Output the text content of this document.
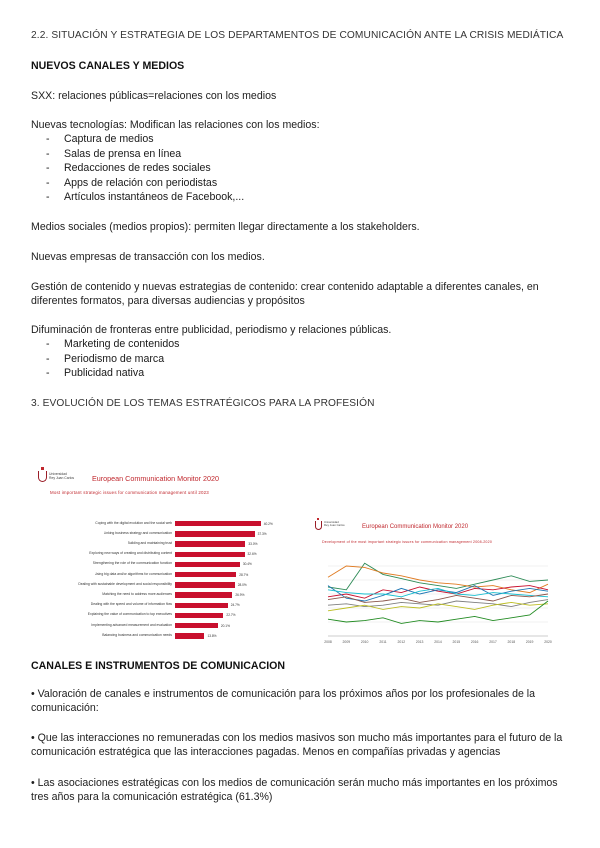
2.2. SITUACIÓN Y ESTRATEGIA DE LOS DEPARTAMENTOS DE COMUNICACIÓN ANTE LA CRISIS MEDIÁTICA
NUEVOS CANALES Y MEDIOS
SXX: relaciones públicas=relaciones con los medios
Nuevas tecnologías: Modifican las relaciones con los medios:
- Captura de medios
- Salas de prensa en línea
- Redacciones de redes sociales
- Apps de relación con periodistas
- Artículos instantáneos de Facebook,...
Medios sociales (medios propios): permiten llegar directamente a los stakeholders.
Nuevas empresas de transacción con los medios.
Gestión de contenido y nuevas estrategias de contenido: crear contenido adaptable a diferentes canales, en diferentes formatos, para diversas audiencias y propósitos
Difuminación de fronteras entre publicidad, periodismo y relaciones públicas.
- Marketing de contenidos
- Periodismo de marca
- Publicidad nativa
3. EVOLUCIÓN DE LOS TEMAS ESTRATÉGICOS PARA LA PROFESIÓN
Universidad
Rey Juan Carlos European Communication Monitor 2020
Most important strategic issues for communication management until 2023
Coping with the digital evolution and the social web	40.2%
Linking business strategy and communication	37.3%
Building and maintaining trust	33.0%
Exploring new ways of creating and distributing content	32.6%
Strengthening the role of the communication function	30.4%
Using big data and/or algorithms for communication	28.7%
Dealing with sustainable development and social responsibility	28.0%
Matching the need to address more audiences	26.9%
Dealing with the speed and volume of information flow	24.7%
Explaining the value of communication to top executives	22.7%
Implementing advanced measurement and evaluation	20.1%
Balancing business and communication needs	13.8%
Universidad
Rey Juan Carlos	European Communication Monitor 2020
Development of the most important strategic issues for communication management 2008-2020
2008	2009	2010	2011	2012	2013	2014	2015	2016	2017	2018	2019	2020
CANALES E INSTRUMENTOS DE COMUNICACION
• Valoración de canales e instrumentos de comunicación para los próximos años por los profesionales de la comunicación:
• Que las interacciones no remuneradas con los medios masivos son mucho más importantes para el futuro de la comunicación estratégica que las interacciones pagadas. Menos en compañías privadas y agencias
• Las asociaciones estratégicas con los medios de comunicación serán mucho más importantes en los próximos tres años para la comunicación estratégica (61.3%)
